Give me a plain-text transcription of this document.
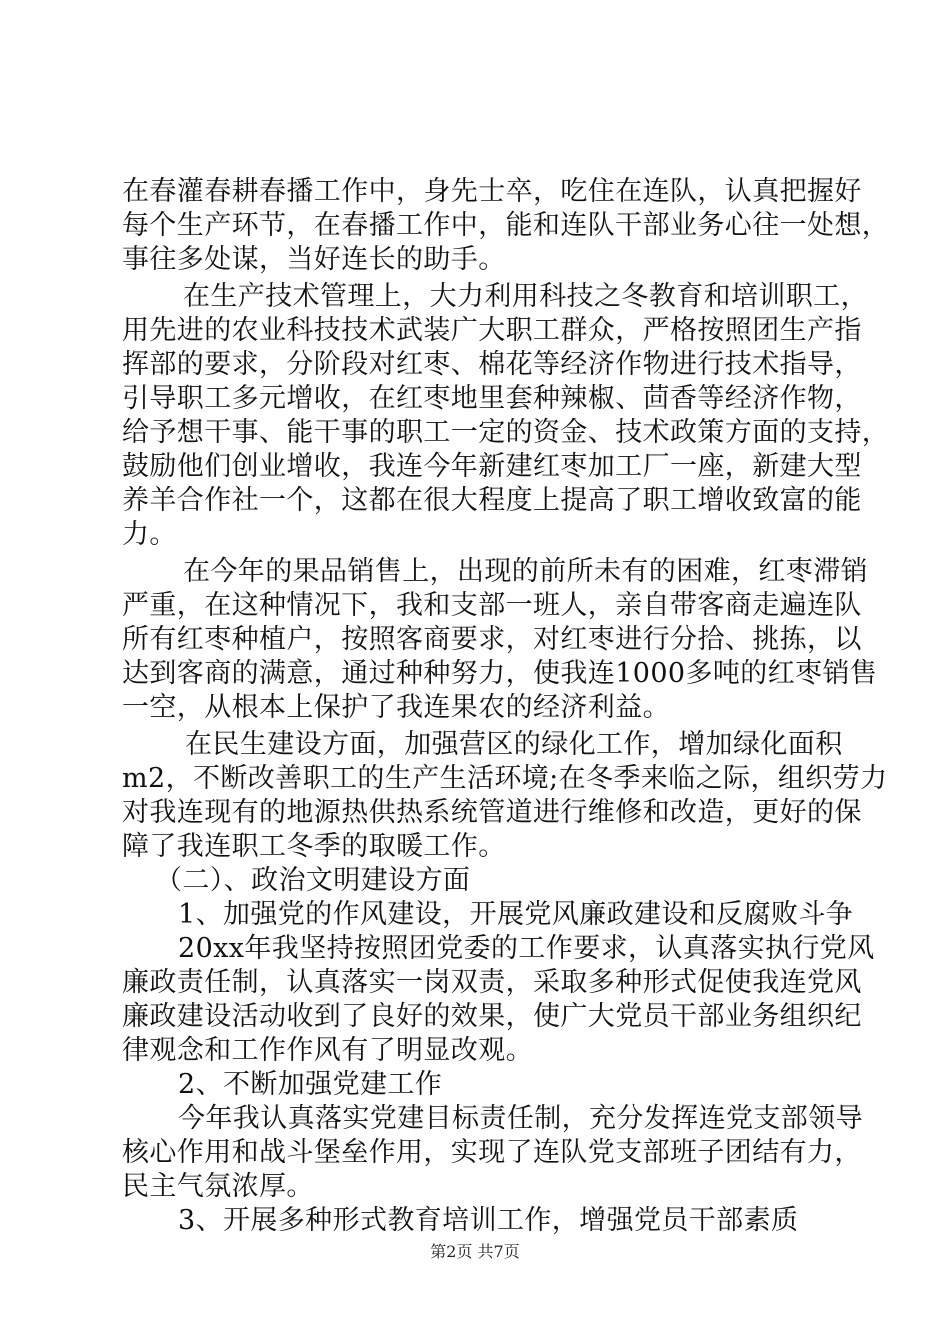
在春灌春耕春播工作中，身先士卒，吃住在连队，认真把握好
每个生产环节，在春播工作中，能和连队干部业务心往一处想，
事往多处谋，当好连长的助手。
在生产技术管理上，大力利用科技之冬教育和培训职工，
用先进的农业科技技术武装广大职工群众，严格按照团生产指
挥部的要求，分阶段对红枣、棉花等经济作物进行技术指导，
引导职工多元增收，在红枣地里套种辣椒、茴香等经济作物，
给予想干事、能干事的职工一定的资金、技术政策方面的支持，
鼓励他们创业增收，我连今年新建红枣加工厂一座，新建大型
养羊合作社一个，这都在很大程度上提高了职工增收致富的能
力。
在今年的果品销售上，出现的前所未有的困难，红枣滞销
严重，在这种情况下，我和支部一班人，亲自带客商走遍连队
所有红枣种植户，按照客商要求，对红枣进行分拾、挑拣，以
达到客商的满意，通过种种努力，使我连1000多吨的红枣销售
一空，从根本上保护了我连果农的经济利益。
在民生建设方面，加强营区的绿化工作，增加绿化面积
m2，不断改善职工的生产生活环境;在冬季来临之际，组织劳力
对我连现有的地源热供热系统管道进行维修和改造，更好的保
障了我连职工冬季的取暖工作。
（二）、政治文明建设方面
1、加强党的作风建设，开展党风廉政建设和反腐败斗争
20xx年我坚持按照团党委的工作要求，认真落实执行党风
廉政责任制，认真落实一岗双责，采取多种形式促使我连党风
廉政建设活动收到了良好的效果，使广大党员干部业务组织纪
律观念和工作作风有了明显改观。
2、不断加强党建工作
今年我认真落实党建目标责任制，充分发挥连党支部领导
核心作用和战斗堡垒作用，实现了连队党支部班子团结有力，
民主气氛浓厚。
3、开展多种形式教育培训工作，增强党员干部素质
第2页 共7页
